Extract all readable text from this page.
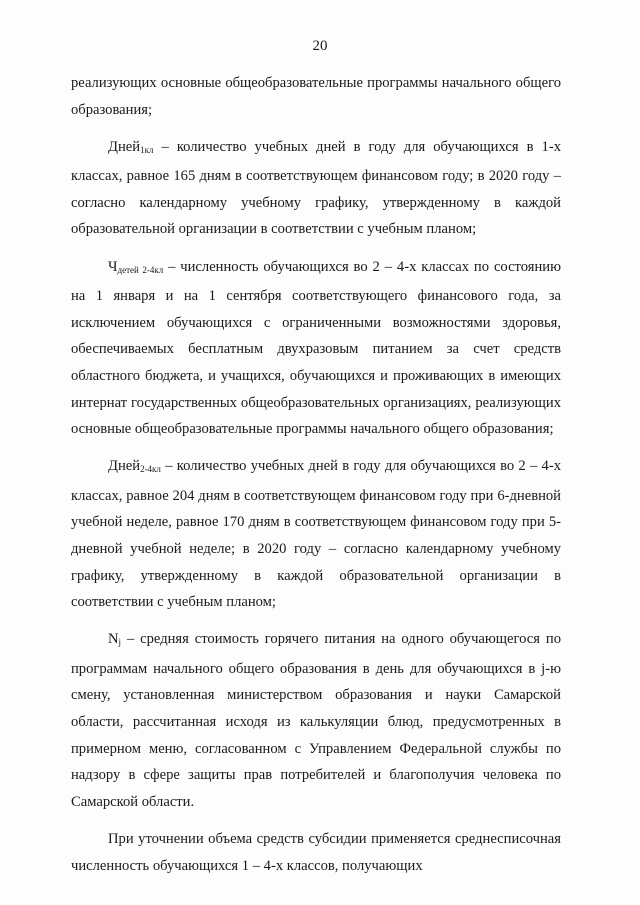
20

реализующих основные общеобразовательные программы начального общего образования;

Дней$_{1кл}$ – количество учебных дней в году для обучающихся в 1-х классах, равное 165 дням в соответствующем финансовом году; в 2020 году – согласно календарному учебному графику, утвержденному в каждой образовательной организации в соответствии с учебным планом;

$Ч_{детей 2-4кл}$ – численность обучающихся во 2 – 4-х классах по состоянию на 1 января и на 1 сентября соответствующего финансового года, за исключением обучающихся с ограниченными возможностями здоровья, обеспечиваемых бесплатным двухразовым питанием за счет средств областного бюджета, и учащихся, обучающихся и проживающих в имеющих интернат государственных общеобразовательных организациях, реализующих основные общеобразовательные программы начального общего образования;

Дней$_{2-4кл}$ – количество учебных дней в году для обучающихся во 2 – 4-х классах, равное 204 дням в соответствующем финансовом году при 6-дневной учебной неделе, равное 170 дням в соответствующем финансовом году при 5-дневной учебной неделе; в 2020 году – согласно календарному учебному графику, утвержденному в каждой образовательной организации в соответствии с учебным планом;

$N_j$ – средняя стоимость горячего питания на одного обучающегося по программам начального общего образования в день для обучающихся в j-ю смену, установленная министерством образования и науки Самарской области, рассчитанная исходя из калькуляции блюд, предусмотренных в примерном меню, согласованном с Управлением Федеральной службы по надзору в сфере защиты прав потребителей и благополучия человека по Самарской области.

При уточнении объема средств субсидии применяется среднесписочная численность обучающихся 1 – 4-х классов, получающих
